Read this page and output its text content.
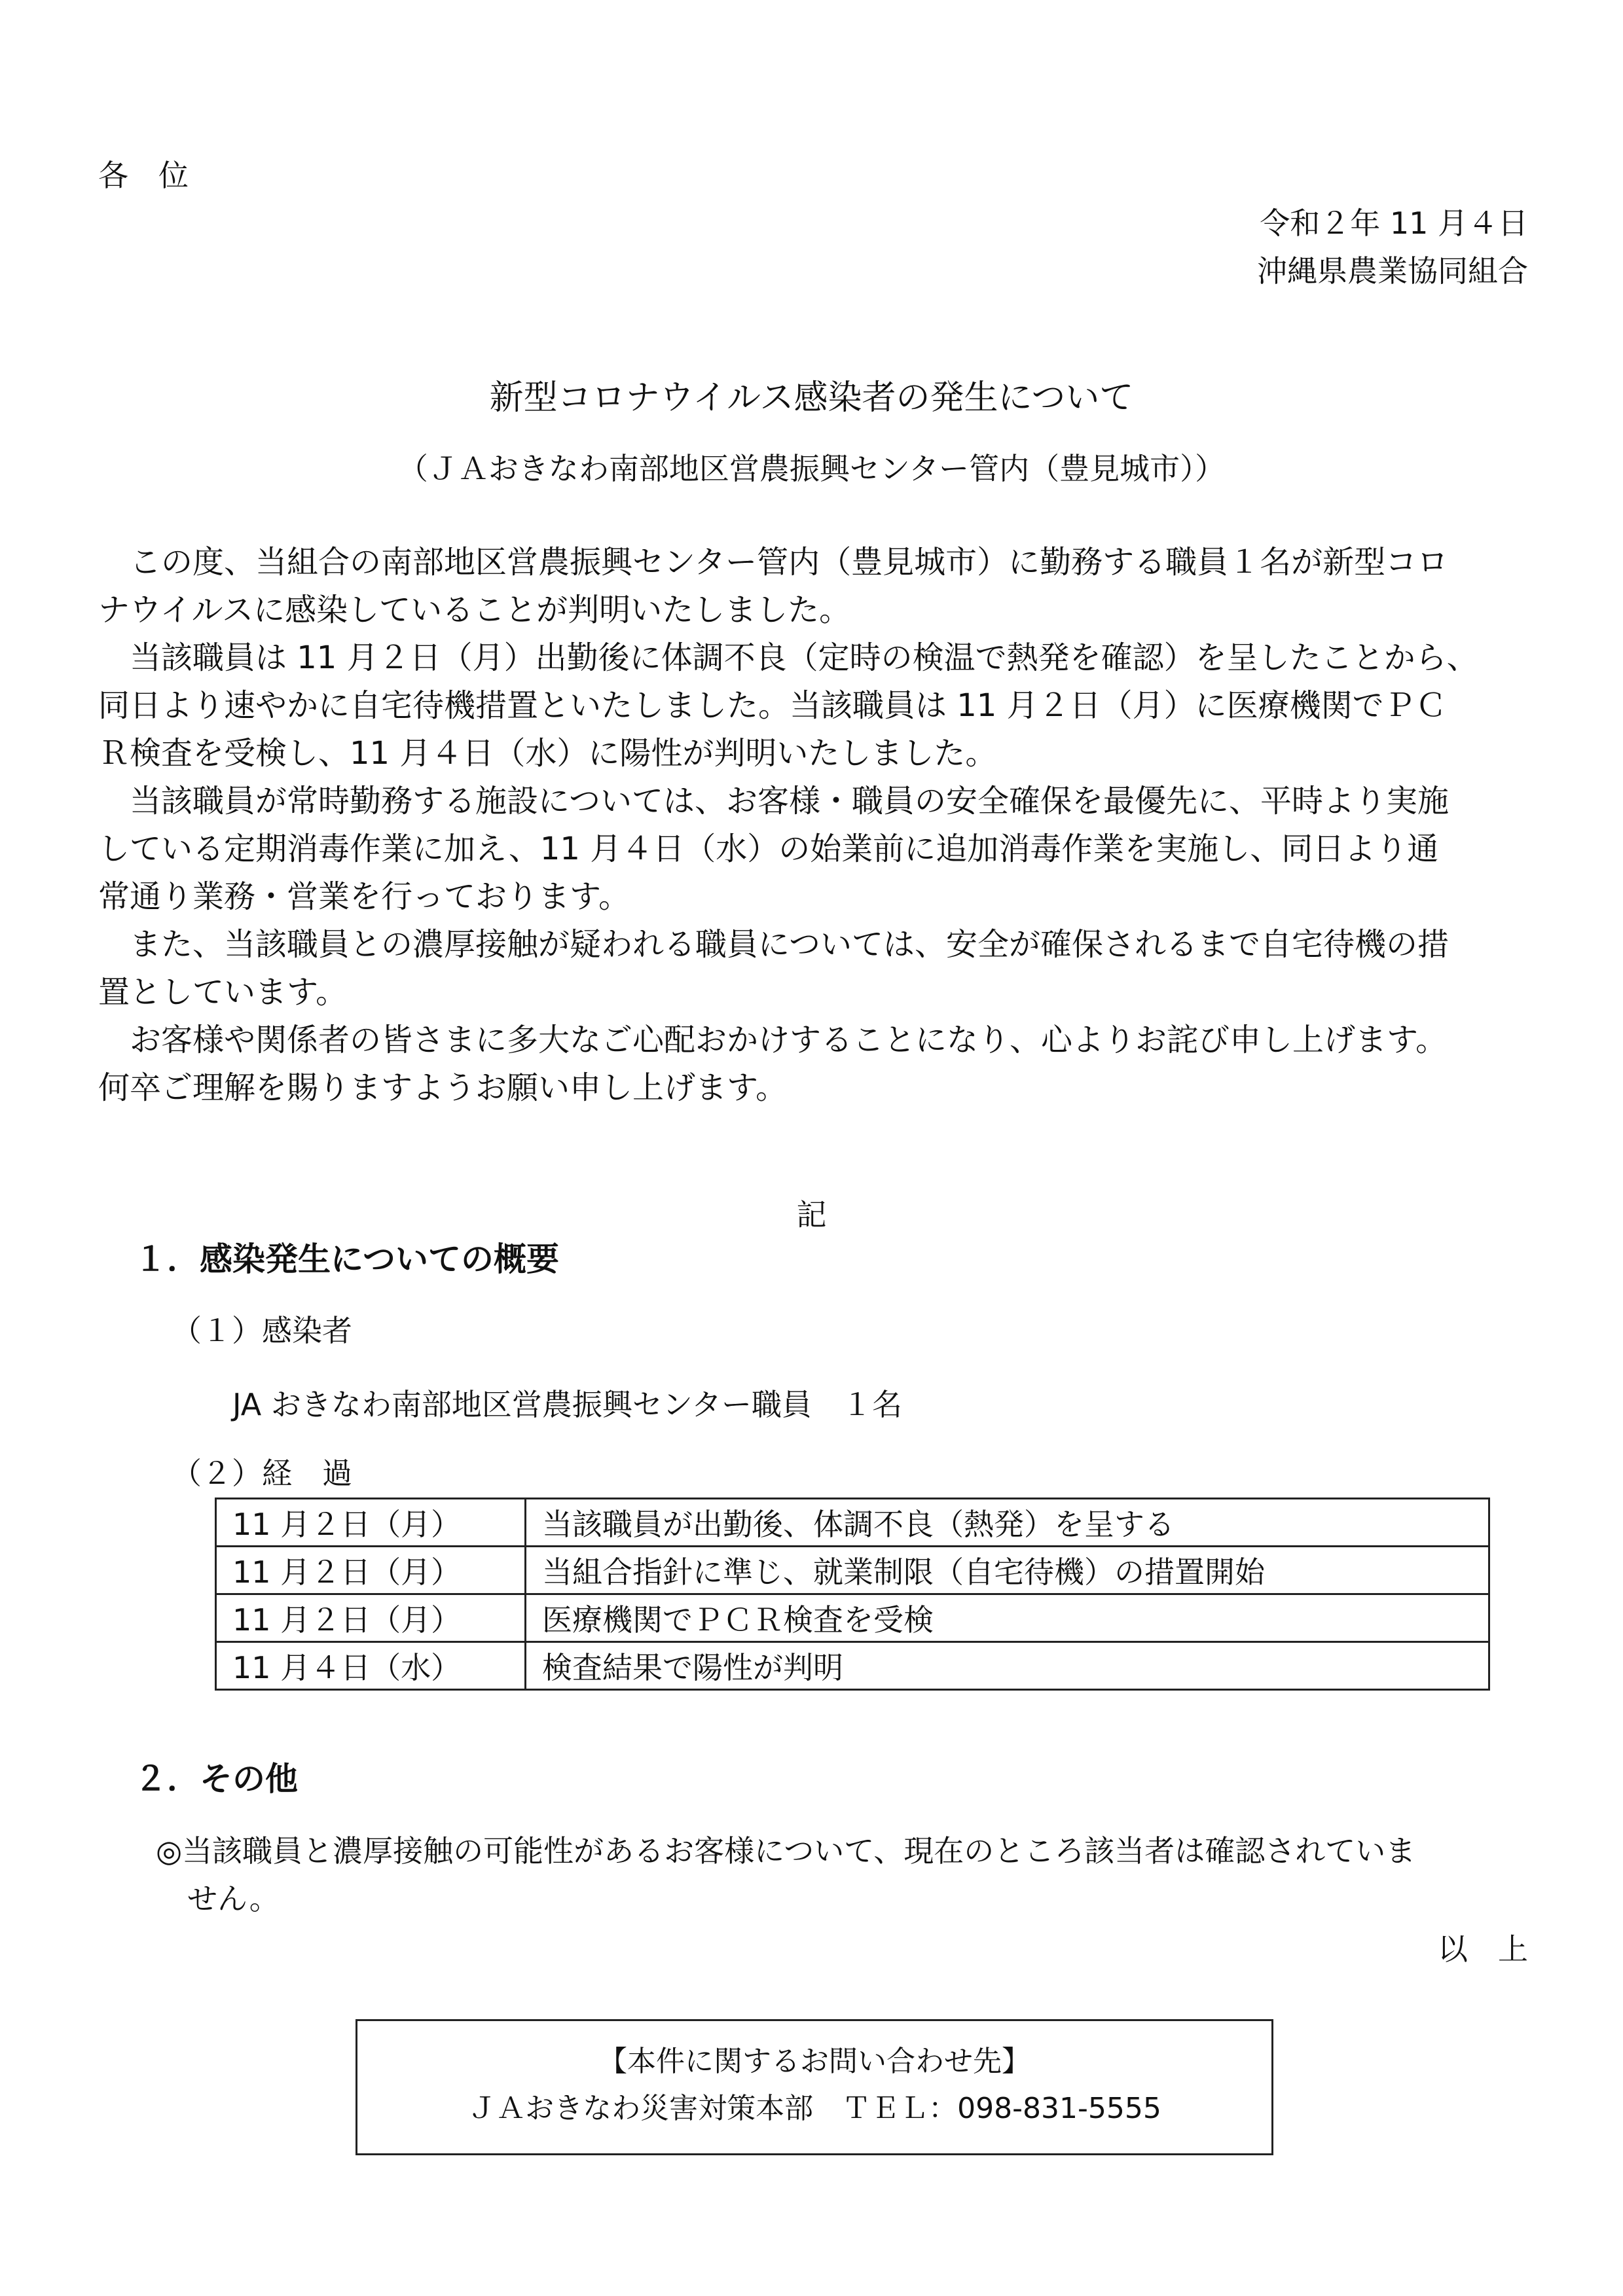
各　位
令和２年 11 月４日
沖縄県農業協同組合
新型コロナウイルス感染者の発生について
（ＪＡおきなわ南部地区営農振興センター管内（豊見城市））

この度、当組合の南部地区営農振興センター管内（豊見城市）に勤務する職員１名が新型コロ

ナウイルスに感染していることが判明いたしました。

当該職員は 11 月２日（月）出勤後に体調不良（定時の検温で熱発を確認）を呈したことから、

同日より速やかに自宅待機措置といたしました。当該職員は 11 月２日（月）に医療機関でＰＣ

Ｒ検査を受検し、11 月４日（水）に陽性が判明いたしました。

当該職員が常時勤務する施設については、お客様・職員の安全確保を最優先に、平時より実施

している定期消毒作業に加え、11 月４日（水）の始業前に追加消毒作業を実施し、同日より通

常通り業務・営業を行っております。

また、当該職員との濃厚接触が疑われる職員については、安全が確保されるまで自宅待機の措

置としています。

お客様や関係者の皆さまに多大なご心配おかけすることになり、心よりお詫び申し上げます。

何卒ご理解を賜りますようお願い申し上げます。

記
１．感染発生についての概要
（１）感染者
JA おきなわ南部地区営農振興センター職員　１名
（２）経　過
11 月２日（月）	当該職員が出勤後、体調不良（熱発）を呈する
11 月２日（月）	当組合指針に準じ、就業制限（自宅待機）の措置開始
11 月２日（月）	医療機関でＰＣＲ検査を受検
11 月４日（水）	検査結果で陽性が判明
２．その他
◎当該職員と濃厚接触の可能性があるお客様について、現在のところ該当者は確認されていま
せん。
以　上
【本件に関するお問い合わせ先】
ＪＡおきなわ災害対策本部　ＴＥＬ：098-831-5555
